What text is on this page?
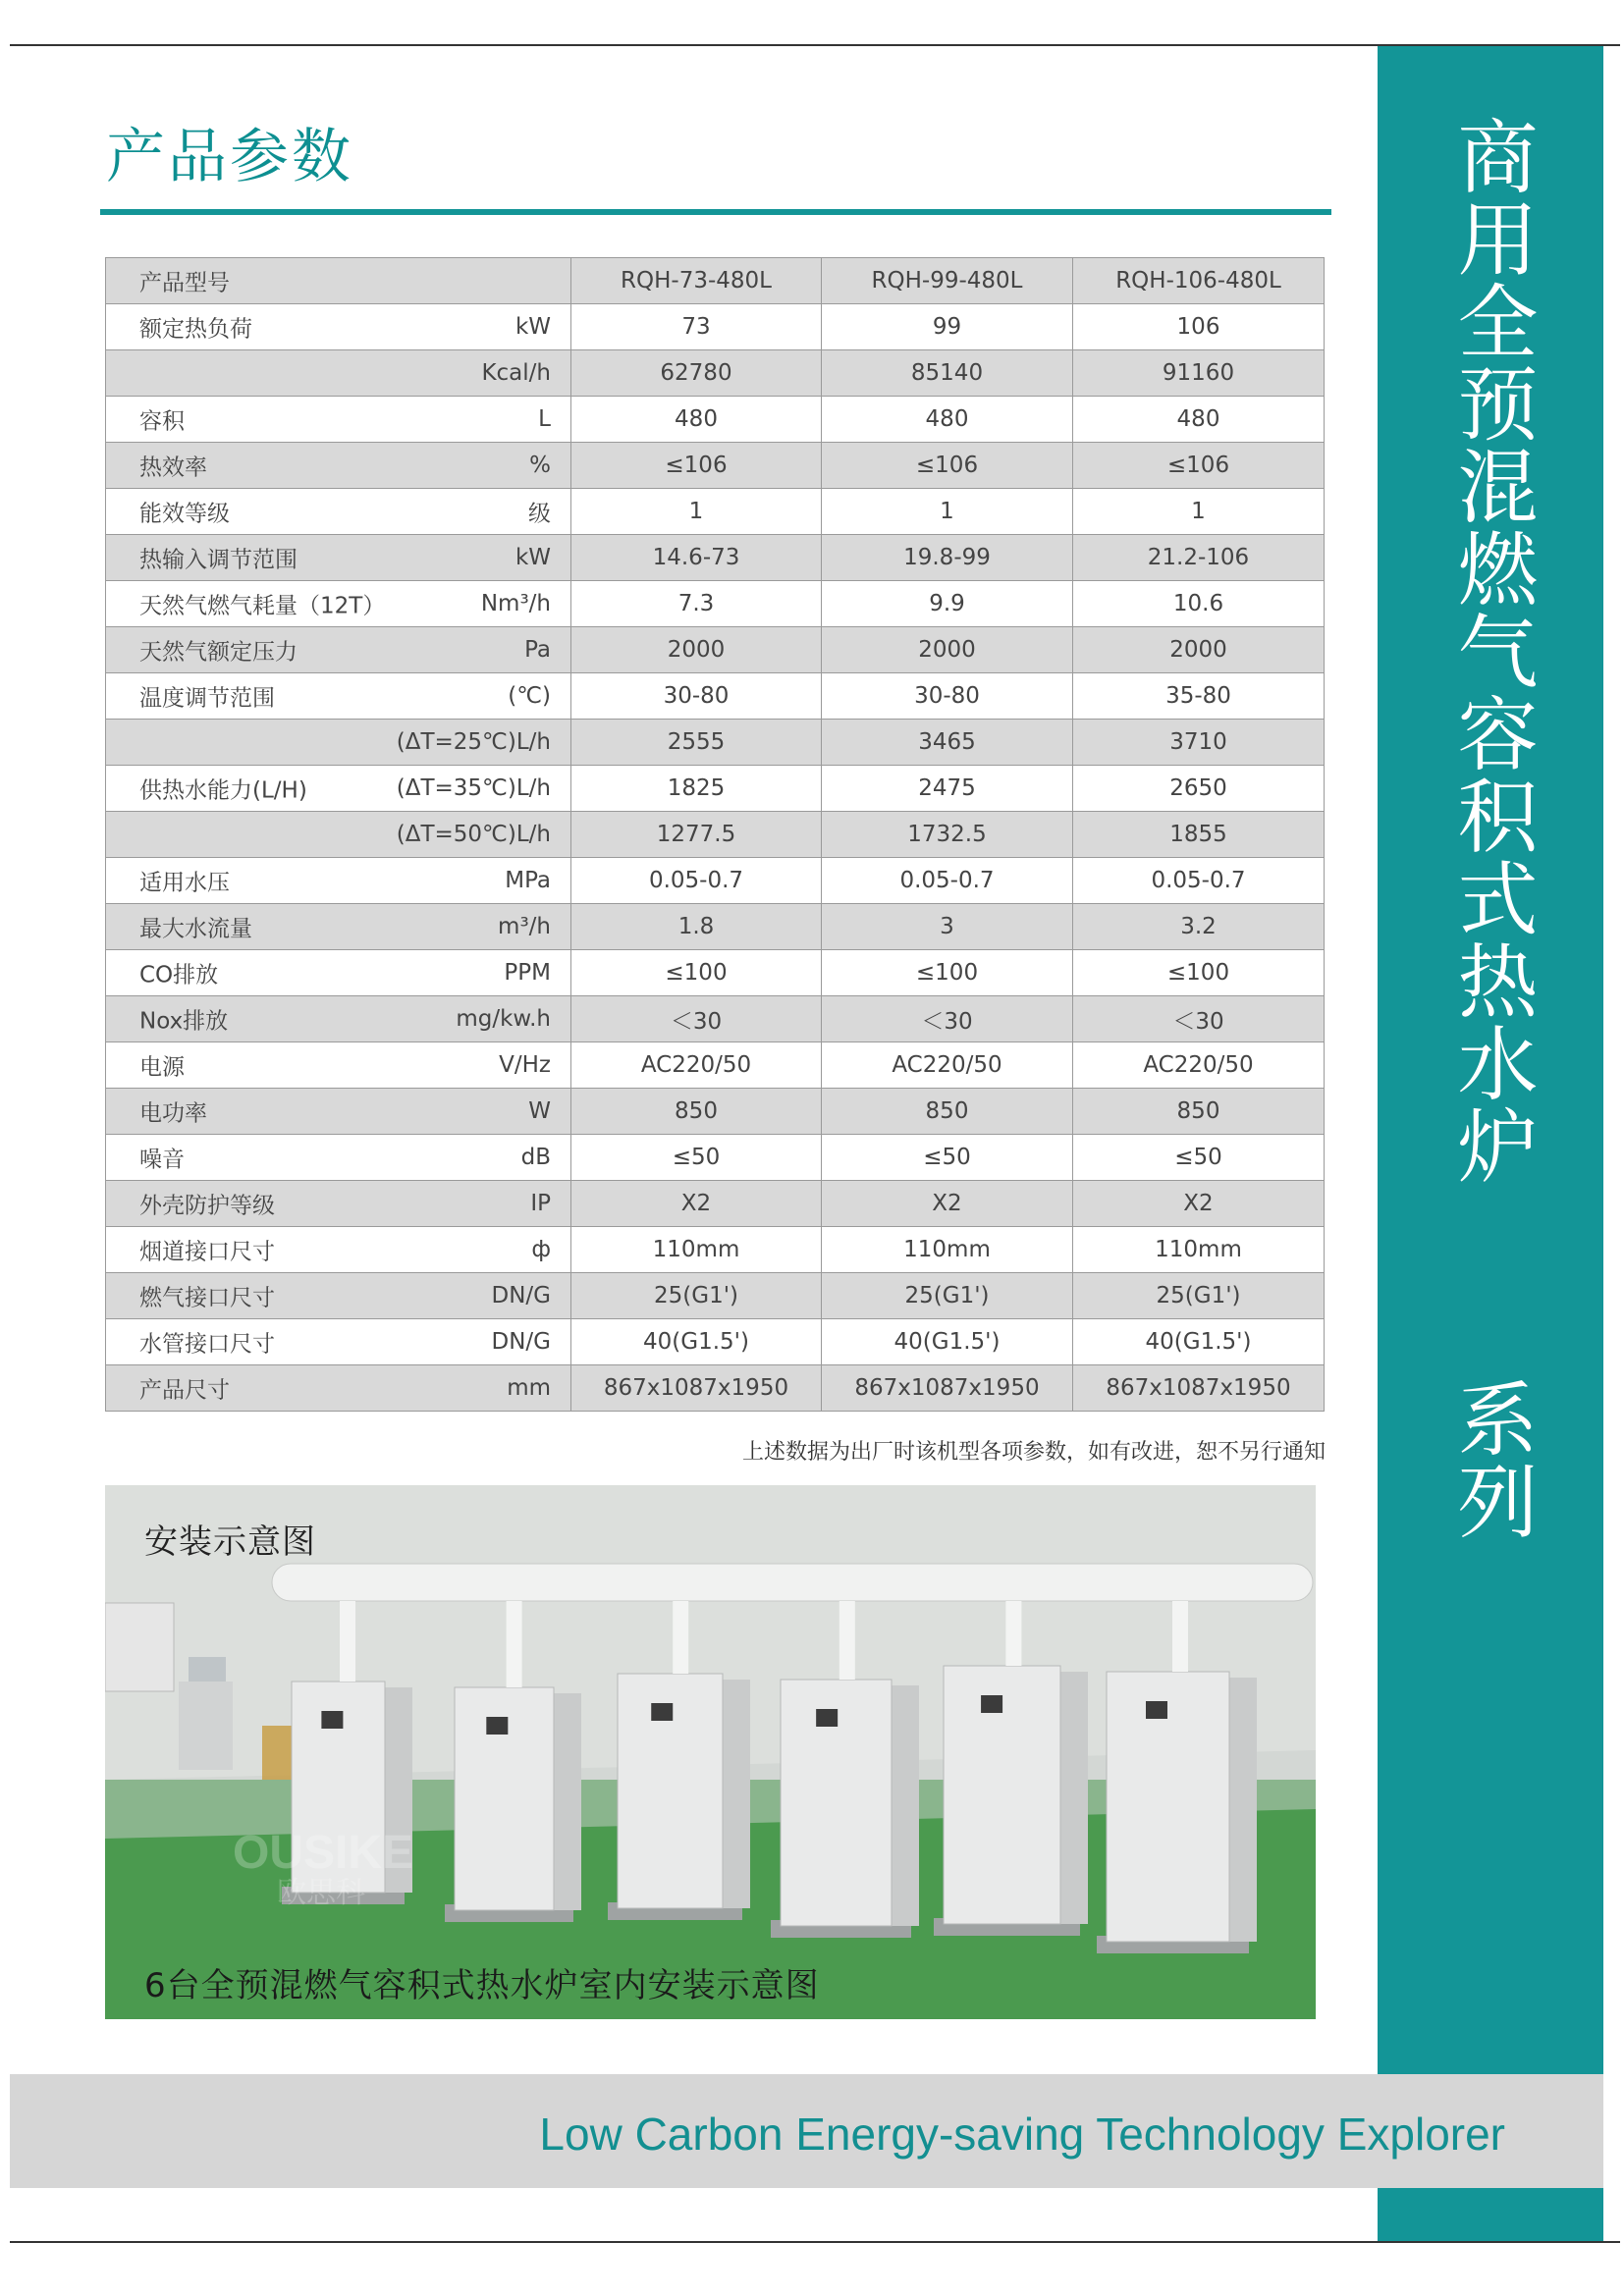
商用全预混燃气容积式热水炉  系列
产品参数
产品型号	RQH-73-480L	RQH-99-480L	RQH-106-480L

额定热负荷 kW	73	99	106

Kcal/h	62780	85140	91160

容积 L	480	480	480

热效率 %	≤106	≤106	≤106

能效等级 级	1	1	1

热输入调节范围 kW	14.6-73	19.8-99	21.2-106

天然气燃气耗量（12T） Nm³/h	7.3	9.9	10.6

天然气额定压力 Pa	2000	2000	2000

温度调节范围 (℃)	30-80	30-80	35-80

(ΔT=25℃)L/h	2555	3465	3710

供热水能力(L/H) (ΔT=35℃)L/h	1825	2475	2650

(ΔT=50℃)L/h	1277.5	1732.5	1855

适用水压 MPa	0.05-0.7	0.05-0.7	0.05-0.7

最大水流量 m³/h	1.8	3	3.2

CO排放 PPM	≤100	≤100	≤100

Nox排放 mg/kw.h	＜30	＜30	＜30

电源 V/Hz	AC220/50	AC220/50	AC220/50

电功率 W	850	850	850

噪音 dB	≤50	≤50	≤50

外壳防护等级 IP	X2	X2	X2

烟道接口尺寸 ф	110mm	110mm	110mm

燃气接口尺寸 DN/G	25(G1')	25(G1')	25(G1')

水管接口尺寸 DN/G	40(G1.5')	40(G1.5')	40(G1.5')

产品尺寸 mm	867x1087x1950	867x1087x1950	867x1087x1950
上述数据为出厂时该机型各项参数，如有改进，恕不另行通知
OUSIKE
欧思科
安装示意图
6台全预混燃气容积式热水炉室内安装示意图
Low Carbon Energy-saving Technology Explorer
